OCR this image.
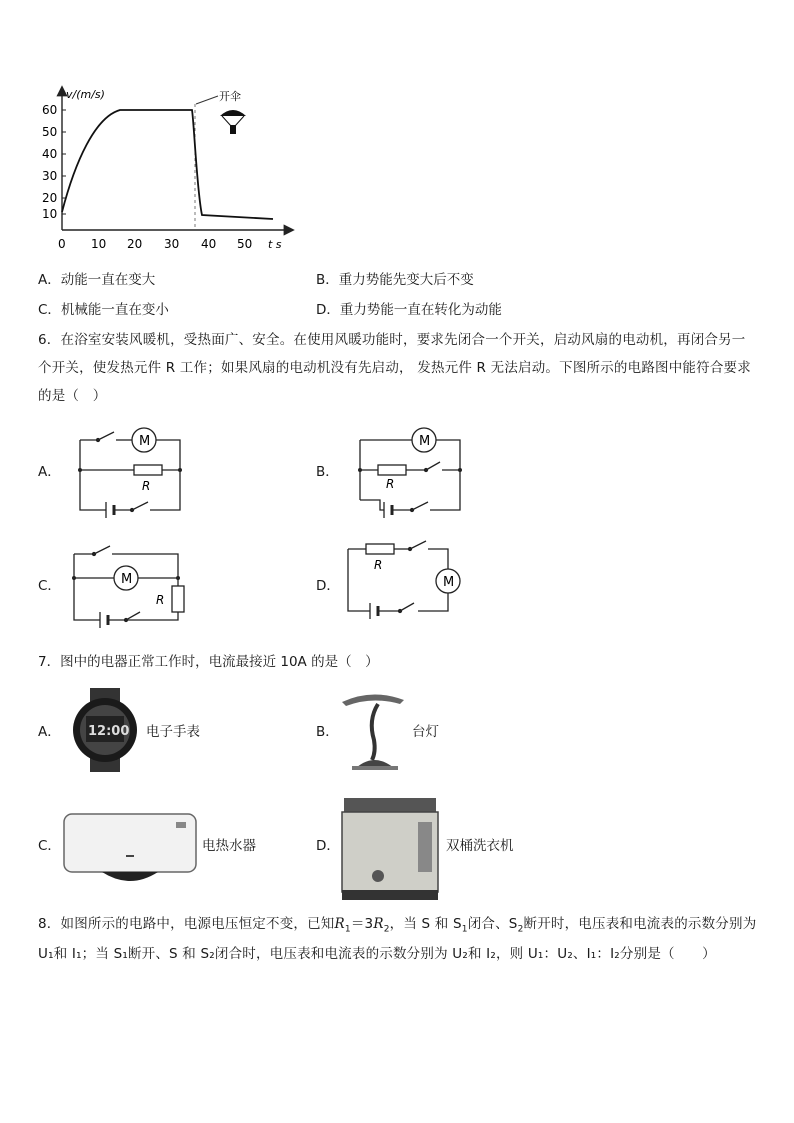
60
50
40
30
20
10
0 10 20 30 40 50 t s
v/(m/s)	开伞
A．动能一直在变大	B．重力势能先变大后不变
C．机械能一直在变小	D．重力势能一直在转化为动能
6．在浴室安装风暖机，受热面广、安全。在使用风暖功能时，要求先闭合一个开关，启动风扇的电动机，再闭合另一个开关，使发热元件 R 工作；如果风扇的电动机没有先启动， 发热元件 R 无法启动。下图所示的电路图中能符合要求的是（　）
A．	B．
C．	D．
M
R
M
R
M
R
M
R
7．图中的电器正常工作时，电流最接近 10A 的是（　）
A． 12:00 电子手表	B．	台灯
C．	电热水器	D．	双桶洗衣机
8．如图所示的电路中，电源电压恒定不变，已知$R_1=3R_2$，当 S 和 $S_1$闭合、$S_2$断开时，电压表和电流表的示数分别为
U₁和 I₁；当 S₁断开、S 和 S₂闭合时，电压表和电流表的示数分别为 U₂和 I₂，则 U₁：U₂、I₁：I₂分别是（　　）
